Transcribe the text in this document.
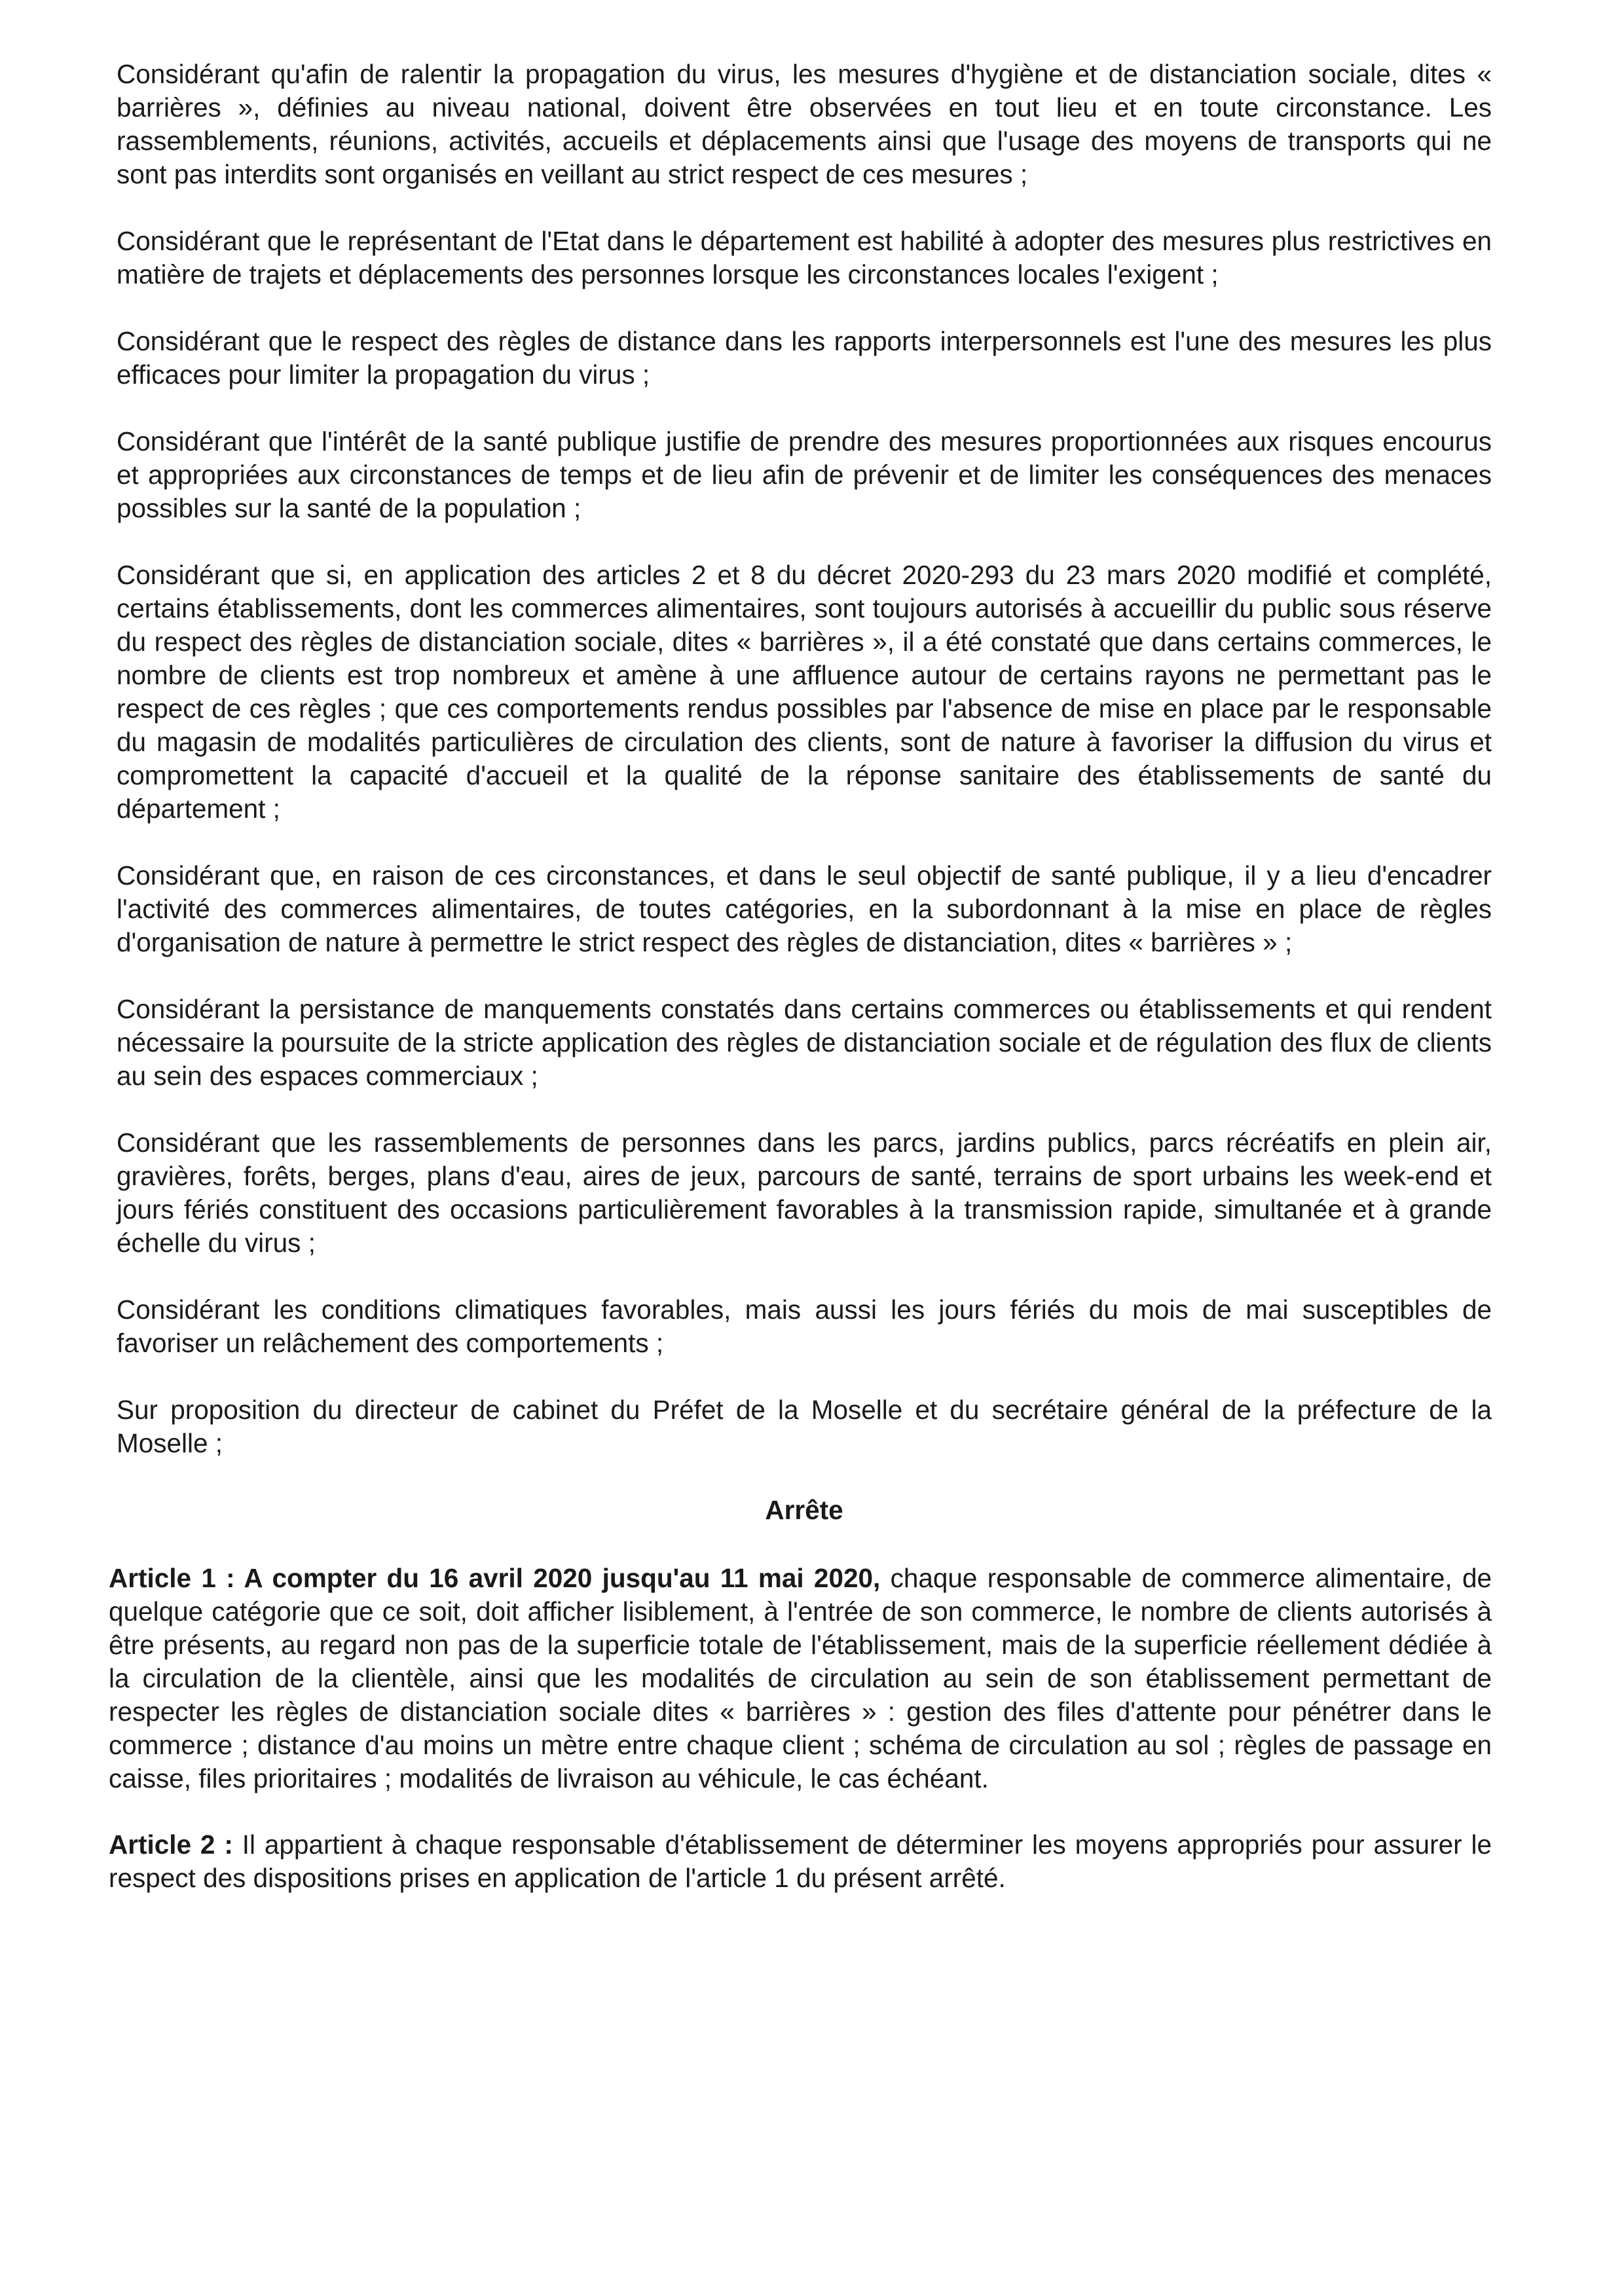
Considérant qu'afin de ralentir la propagation du virus, les mesures d'hygiène et de distanciation sociale, dites « barrières », définies au niveau national, doivent être observées en tout lieu et en toute circonstance. Les rassemblements, réunions, activités, accueils et déplacements ainsi que l'usage des moyens de transports qui ne sont pas interdits sont organisés en veillant au strict respect de ces mesures ;

Considérant que le représentant de l'Etat dans le département est habilité à adopter des mesures plus restrictives en matière de trajets et déplacements des personnes lorsque les circonstances locales l'exigent ;

Considérant que le respect des règles de distance dans les rapports interpersonnels est l'une des mesures les plus efficaces pour limiter la propagation du virus ;

Considérant que l'intérêt de la santé publique justifie de prendre des mesures proportionnées aux risques encourus et appropriées aux circonstances de temps et de lieu afin de prévenir et de limiter les conséquences des menaces possibles sur la santé de la population ;

Considérant que si, en application des articles 2 et 8 du décret 2020-293 du 23 mars 2020 modifié et complété, certains établissements, dont les commerces alimentaires, sont toujours autorisés à accueillir du public sous réserve du respect des règles de distanciation sociale, dites « barrières », il a été constaté que dans certains commerces, le nombre de clients est trop nombreux et amène à une affluence autour de certains rayons ne permettant pas le respect de ces règles ; que ces comportements rendus possibles par l'absence de mise en place par le responsable du magasin de modalités particulières de circulation des clients, sont de nature à favoriser la diffusion du virus et compromettent la capacité d'accueil et la qualité de la réponse sanitaire des établissements de santé du département ;

Considérant que, en raison de ces circonstances, et dans le seul objectif de santé publique, il y a lieu d'encadrer l'activité des commerces alimentaires, de toutes catégories, en la subordonnant à la mise en place de règles d'organisation de nature à permettre le strict respect des règles de distanciation, dites « barrières » ;

Considérant la persistance de manquements constatés dans certains commerces ou établissements et qui rendent nécessaire la poursuite de la stricte application des règles de distanciation sociale et de régulation des flux de clients au sein des espaces commerciaux ;

Considérant que les rassemblements de personnes dans les parcs, jardins publics, parcs récréatifs en plein air, gravières, forêts, berges, plans d'eau, aires de jeux, parcours de santé, terrains de sport urbains les week-end et jours fériés constituent des occasions particulièrement favorables à la transmission rapide, simultanée et à grande échelle du virus ;

Considérant les conditions climatiques favorables, mais aussi les jours fériés du mois de mai susceptibles de favoriser un relâchement des comportements ;

Sur proposition du directeur de cabinet du Préfet de la Moselle et du secrétaire général de la préfecture de la Moselle ;

Arrête

Article 1 : A compter du 16 avril 2020 jusqu'au 11 mai 2020, chaque responsable de commerce alimentaire, de quelque catégorie que ce soit, doit afficher lisiblement, à l'entrée de son commerce, le nombre de clients autorisés à être présents, au regard non pas de la superficie totale de l'établissement, mais de la superficie réellement dédiée à la circulation de la clientèle, ainsi que les modalités de circulation au sein de son établissement permettant de respecter les règles de distanciation sociale dites « barrières » : gestion des files d'attente pour pénétrer dans le commerce ; distance d'au moins un mètre entre chaque client ; schéma de circulation au sol ; règles de passage en caisse, files prioritaires ; modalités de livraison au véhicule, le cas échéant.

Article 2 : Il appartient à chaque responsable d'établissement de déterminer les moyens appropriés pour assurer le respect des dispositions prises en application de l'article 1 du présent arrêté.
